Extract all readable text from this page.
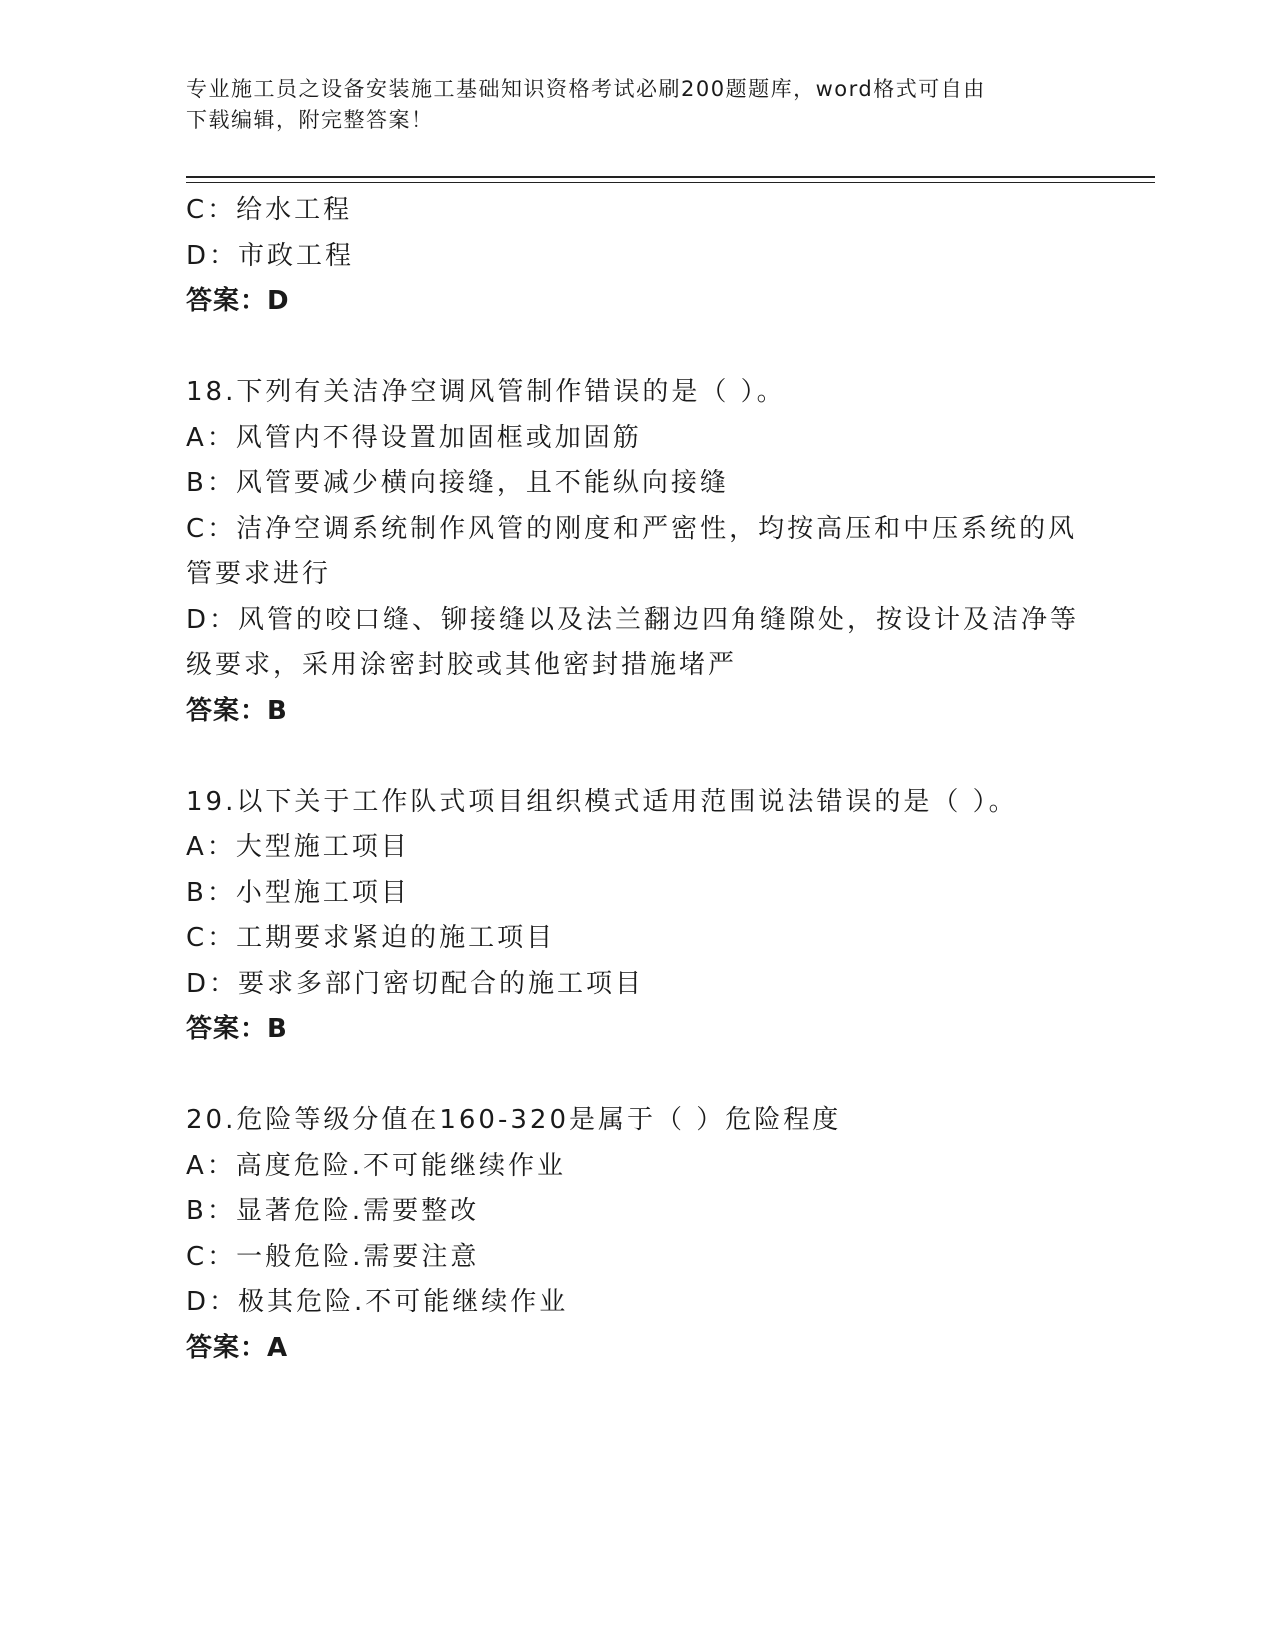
专业施工员之设备安装施工基础知识资格考试必刷200题题库，word格式可自由
下载编辑，附完整答案！
C：给水工程
D：市政工程
答案：D
18.下列有关洁净空调风管制作错误的是（ ）。
A：风管内不得设置加固框或加固筋
B：风管要减少横向接缝，且不能纵向接缝
C：洁净空调系统制作风管的刚度和严密性，均按高压和中压系统的风
管要求进行
D：风管的咬口缝、铆接缝以及法兰翻边四角缝隙处，按设计及洁净等
级要求，采用涂密封胶或其他密封措施堵严
答案：B
19.以下关于工作队式项目组织模式适用范围说法错误的是（ ）。
A：大型施工项目
B：小型施工项目
C：工期要求紧迫的施工项目
D：要求多部门密切配合的施工项目
答案：B
20.危险等级分值在160-320是属于（ ）危险程度
A：高度危险.不可能继续作业
B：显著危险.需要整改
C：一般危险.需要注意
D：极其危险.不可能继续作业
答案：A
